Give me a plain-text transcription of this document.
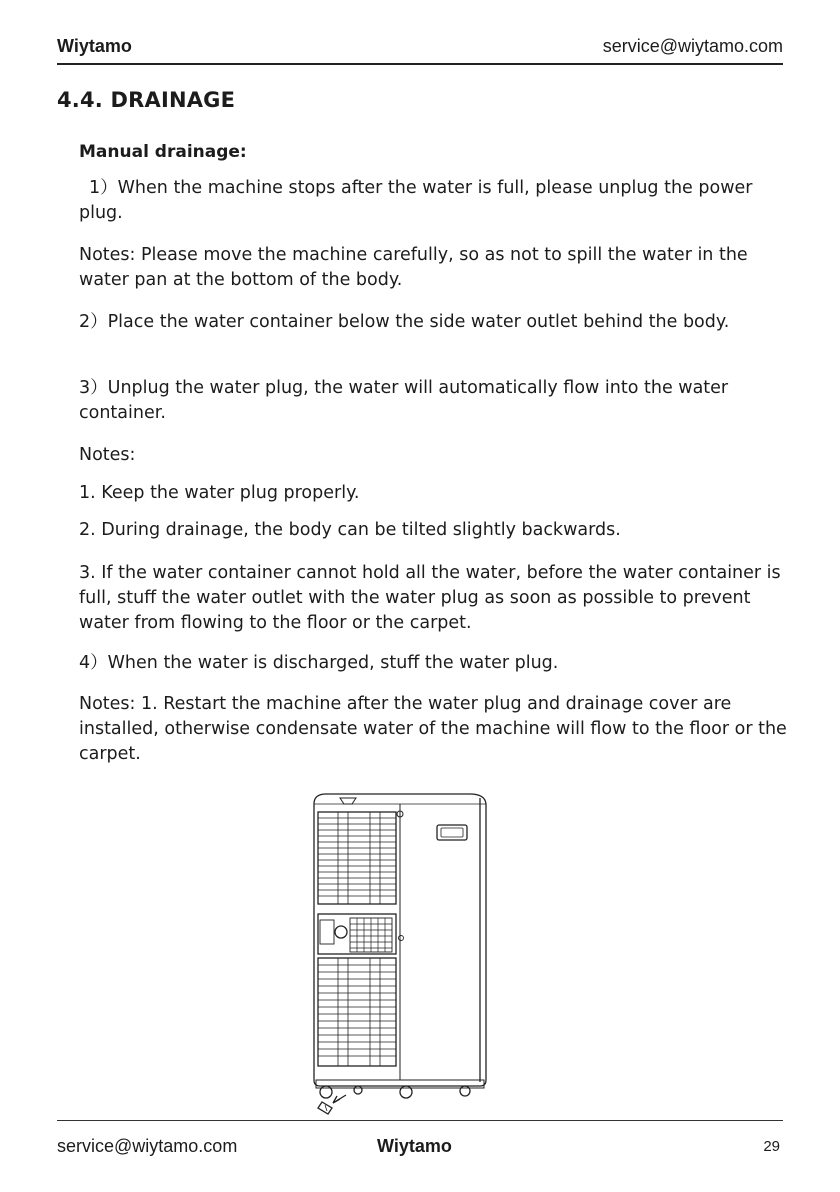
Wiytamo	service@wiytamo.com
4.4. DRAINAGE
Manual drainage:

1）When the machine stops after the water is full, please unplug the power plug.

Notes: Please move the machine carefully, so as not to spill the water in the water pan at the bottom of the body.

2）Place the water container below the side water outlet behind the body.

3）Unplug the water plug, the water will automatically flow into the water container.

Notes:

1. Keep the water plug properly.

2. During drainage, the body can be tilted slightly backwards.

3. If the water container cannot hold all the water, before the water container is full, stuff the water outlet with the water plug as soon as possible to prevent water from flowing to the floor or the carpet.

4）When the water is discharged, stuff the water plug.

Notes: 1. Restart the machine after the water plug and drainage cover are installed, otherwise condensate water of the machine will flow to the floor or the carpet.

service@wiytamo.com	Wiytamo	29
